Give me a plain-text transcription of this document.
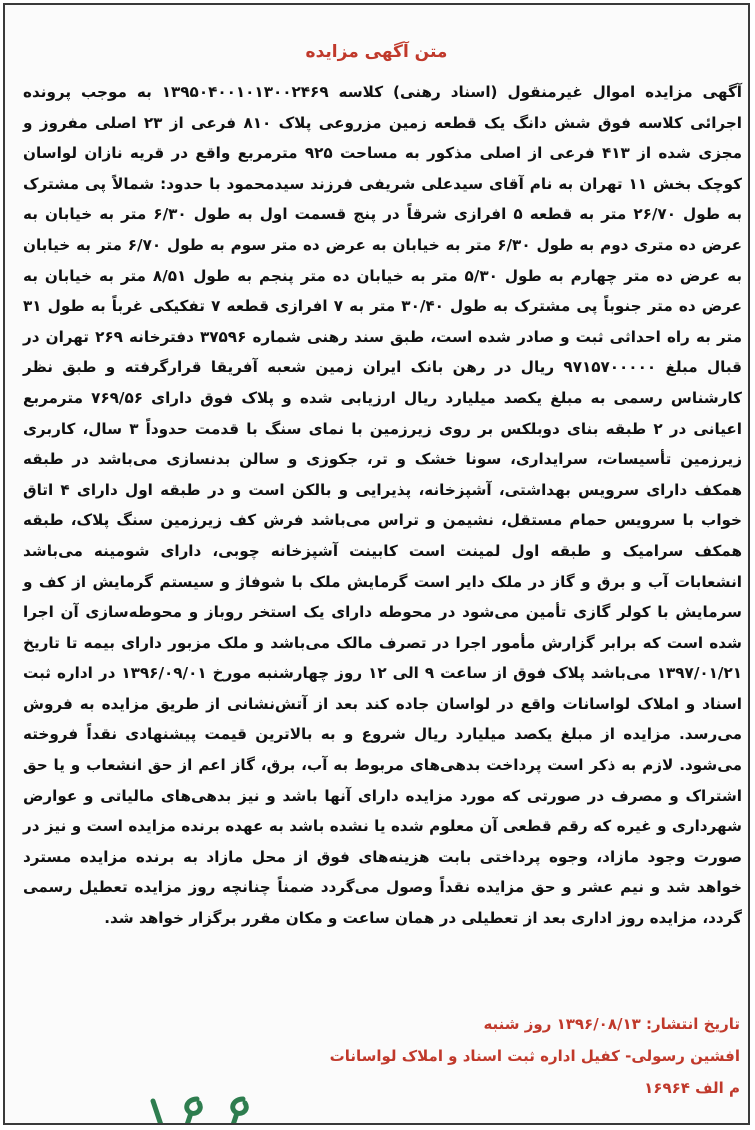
متن آگهی مزایده

آگهی مزایده اموال غیرمنقول (اسناد رهنی) کلاسه ۱۳۹۵۰۴۰۰۱۰۱۳۰۰۲۴۶۹ به موجب پرونده اجرائی کلاسه فوق شش دانگ یک قطعه زمین مزروعی پلاک ۸۱۰ فرعی از ۲۳ اصلی مفروز و مجزی شده از ۴۱۳ فرعی از اصلی مذکور به مساحت ۹۲۵ مترمربع واقع در قریه نازان لواسان کوچک بخش ۱۱ تهران به نام آقای سیدعلی شریفی فرزند سیدمحمود با حدود: شمالاً پی مشترک به طول ۲۶/۷۰ متر به قطعه ۵ افرازی شرقاً در پنج قسمت اول به طول ۶/۳۰ متر به خیابان به عرض ده متری دوم به طول ۶/۳۰ متر به خیابان به عرض ده متر سوم به طول ۶/۷۰ متر به خیابان به عرض ده متر چهارم به طول ۵/۳۰ متر به خیابان ده متر پنجم به طول ۸/۵۱ متر به خیابان به عرض ده متر جنوباً پی مشترک به طول ۳۰/۴۰ متر به ۷ افرازی قطعه ۷ تفکیکی غرباً به طول ۳۱ متر به راه احداثی ثبت و صادر شده است، طبق سند رهنی شماره ۳۷۵۹۶ دفترخانه ۲۶۹ تهران در قبال مبلغ ۹۷۱۵۷۰۰۰۰۰ ریال در رهن بانک ایران زمین شعبه آفریقا قرارگرفته و طبق نظر کارشناس رسمی به مبلغ یکصد میلیارد ریال ارزیابی شده و پلاک فوق دارای ۷۶۹/۵۶ مترمربع اعیانی در ۲ طبقه بنای دوبلکس بر روی زیرزمین با نمای سنگ با قدمت حدوداً ۳ سال، کاربری زیرزمین تأسیسات، سرایداری، سونا خشک و تر، جکوزی و سالن بدنسازی می‌باشد در طبقه همکف دارای سرویس بهداشتی، آشپزخانه، پذیرایی و بالکن است و در طبقه اول دارای ۴ اتاق خواب با سرویس حمام مستقل، نشیمن و تراس می‌باشد فرش کف زیرزمین سنگ پلاک، طبقه همکف سرامیک و طبقه اول لمینت است کابینت آشپزخانه چوبی، دارای شومینه می‌باشد انشعابات آب و برق و گاز در ملک دایر است گرمایش ملک با شوفاژ و سیستم گرمایش از کف و سرمایش با کولر گازی تأمین می‌شود در محوطه دارای یک استخر روباز و محوطه‌سازی آن اجرا شده است که برابر گزارش مأمور اجرا در تصرف مالک می‌باشد و ملک مزبور دارای بیمه تا تاریخ ۱۳۹۷/۰۱/۲۱ می‌باشد پلاک فوق از ساعت ۹ الی ۱۲ روز چهارشنبه مورخ ۱۳۹۶/۰۹/۰۱ در اداره ثبت اسناد و املاک لواسانات واقع در لواسان جاده کند بعد از آتش‌نشانی از طریق مزایده به فروش می‌رسد. مزایده از مبلغ یکصد میلیارد ریال شروع و به بالاترین قیمت پیشنهادی نقداً فروخته می‌شود. لازم به ذکر است پرداخت بدهی‌های مربوط به آب، برق، گاز اعم از حق انشعاب و یا حق اشتراک و مصرف در صورتی که مورد مزایده دارای آنها باشد و نیز بدهی‌های مالیاتی و عوارض شهرداری و غیره که رقم قطعی آن معلوم شده یا نشده باشد به عهده برنده مزایده است و نیز در صورت وجود مازاد، وجوه پرداختی بابت هزینه‌های فوق از محل مازاد به برنده مزایده مسترد خواهد شد و نیم عشر و حق مزایده نقداً وصول می‌گردد ضمناً چنانچه روز مزایده تعطیل رسمی گردد، مزایده روز اداری بعد از تعطیلی در همان ساعت و مکان مقرر برگزار خواهد شد.

تاریخ انتشار: ۱۳۹۶/۰۸/۱۳ روز شنبه
افشین رسولی- کفیل اداره ثبت اسناد و املاک لواسانات
م الف ۱۶۹۶۴
